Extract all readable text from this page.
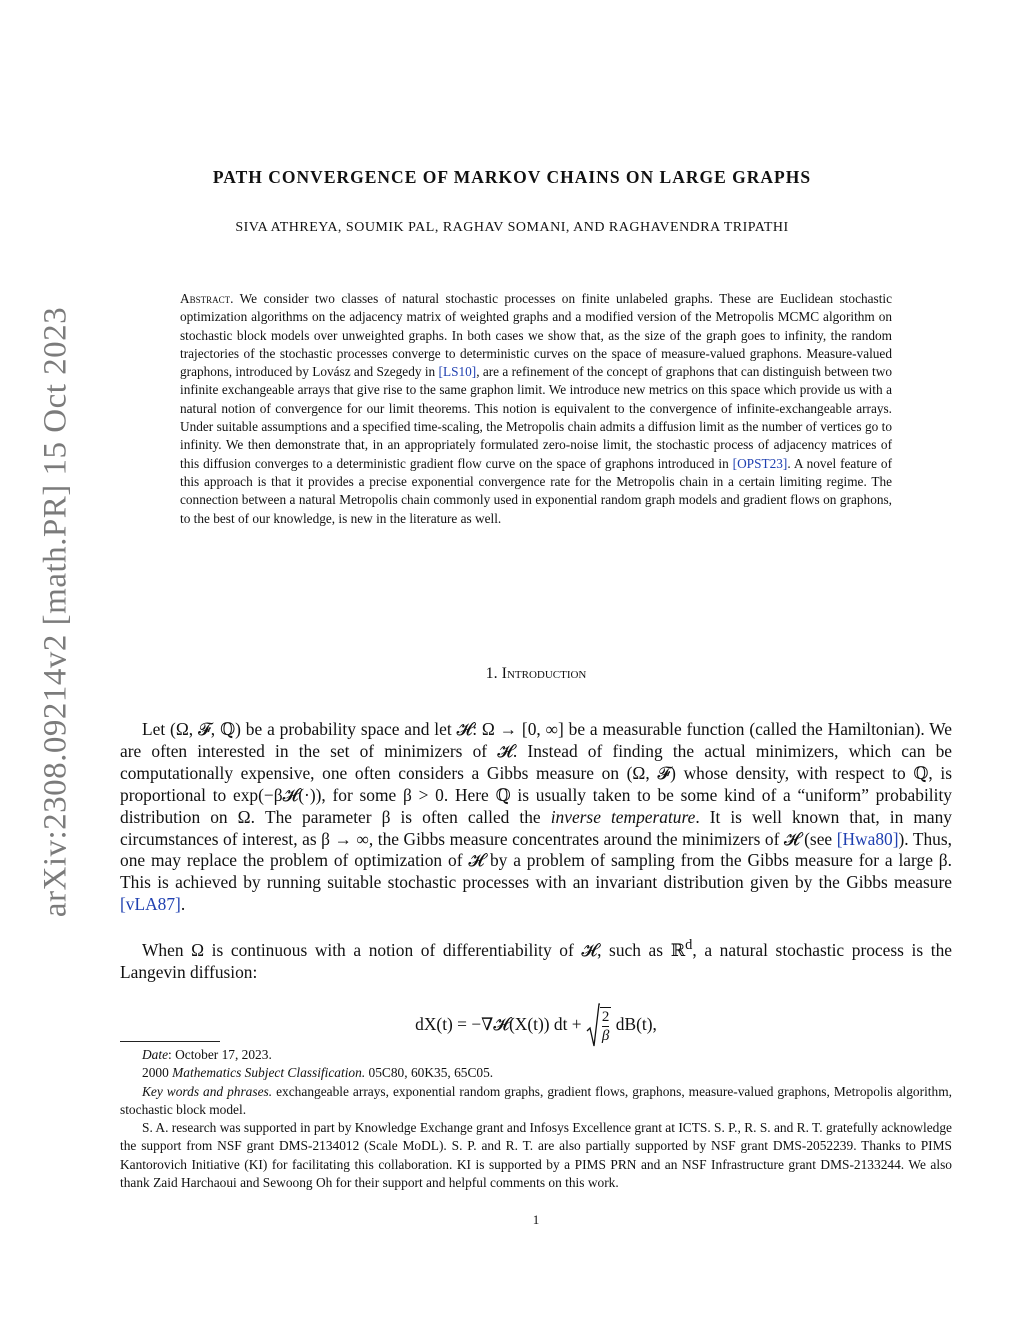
arXiv:2308.09214v2 [math.PR] 15 Oct 2023
PATH CONVERGENCE OF MARKOV CHAINS ON LARGE GRAPHS
SIVA ATHREYA, SOUMIK PAL, RAGHAV SOMANI, AND RAGHAVENDRA TRIPATHI
Abstract. We consider two classes of natural stochastic processes on finite unlabeled graphs. These are Euclidean stochastic optimization algorithms on the adjacency matrix of weighted graphs and a modified version of the Metropolis MCMC algorithm on stochastic block models over unweighted graphs. In both cases we show that, as the size of the graph goes to infinity, the random trajectories of the stochastic processes converge to deterministic curves on the space of measure-valued graphons. Measure-valued graphons, introduced by Lovász and Szegedy in [LS10], are a refinement of the concept of graphons that can distinguish between two infinite exchangeable arrays that give rise to the same graphon limit. We introduce new metrics on this space which provide us with a natural notion of convergence for our limit theorems. This notion is equivalent to the convergence of infinite-exchangeable arrays. Under suitable assumptions and a specified time-scaling, the Metropolis chain admits a diffusion limit as the number of vertices go to infinity. We then demonstrate that, in an appropriately formulated zero-noise limit, the stochastic process of adjacency matrices of this diffusion converges to a deterministic gradient flow curve on the space of graphons introduced in [OPST23]. A novel feature of this approach is that it provides a precise exponential convergence rate for the Metropolis chain in a certain limiting regime. The connection between a natural Metropolis chain commonly used in exponential random graph models and gradient flows on graphons, to the best of our knowledge, is new in the literature as well.
1. Introduction
Let (Ω, 𝓕, ℚ) be a probability space and let 𝓗: Ω → [0, ∞] be a measurable function (called the Hamiltonian). We are often interested in the set of minimizers of 𝓗. Instead of finding the actual minimizers, which can be computationally expensive, one often considers a Gibbs measure on (Ω, 𝓕) whose density, with respect to ℚ, is proportional to exp(−β𝓗(·)), for some β > 0. Here ℚ is usually taken to be some kind of a “uniform” probability distribution on Ω. The parameter β is often called the inverse temperature. It is well known that, in many circumstances of interest, as β → ∞, the Gibbs measure concentrates around the minimizers of 𝓗 (see [Hwa80]). Thus, one may replace the problem of optimization of 𝓗 by a problem of sampling from the Gibbs measure for a large β. This is achieved by running suitable stochastic processes with an invariant distribution given by the Gibbs measure [vLA87].
When Ω is continuous with a notion of differentiability of 𝓗, such as ℝ$^d$, a natural stochastic process is the Langevin diffusion:
dX(t) = −∇𝓗(X(t)) dt + $\frac{2}{\beta} dB(t)$,

Date: October 17, 2023.

2000 Mathematics Subject Classification. 05C80, 60K35, 65C05.

Key words and phrases. exchangeable arrays, exponential random graphs, gradient flows, graphons, measure-valued graphons, Metropolis algorithm, stochastic block model.

S. A. research was supported in part by Knowledge Exchange grant and Infosys Excellence grant at ICTS. S. P., R. S. and R. T. gratefully acknowledge the support from NSF grant DMS-2134012 (Scale MoDL). S. P. and R. T. are also partially supported by NSF grant DMS-2052239. Thanks to PIMS Kantorovich Initiative (KI) for facilitating this collaboration. KI is supported by a PIMS PRN and an NSF Infrastructure grant DMS-2133244. We also thank Zaid Harchaoui and Sewoong Oh for their support and helpful comments on this work.

1
